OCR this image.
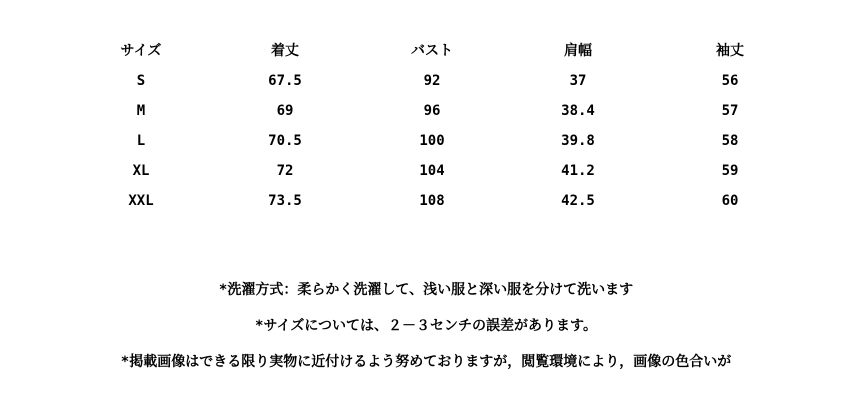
サイズ	着丈	バスト	肩幅	袖丈
S	67.5	92	37	56
M	69	96	38.4	57
L	70.5	100	39.8	58
XL	72	104	41.2	59
XXL	73.5	108	42.5	60
*洗濯方式：柔らかく洗濯して、浅い服と深い服を分けて洗います
*サイズについては、２－３センチの誤差があります。
*掲載画像はできる限り実物に近付けるよう努めておりますが，閲覧環境により，画像の色合いが
